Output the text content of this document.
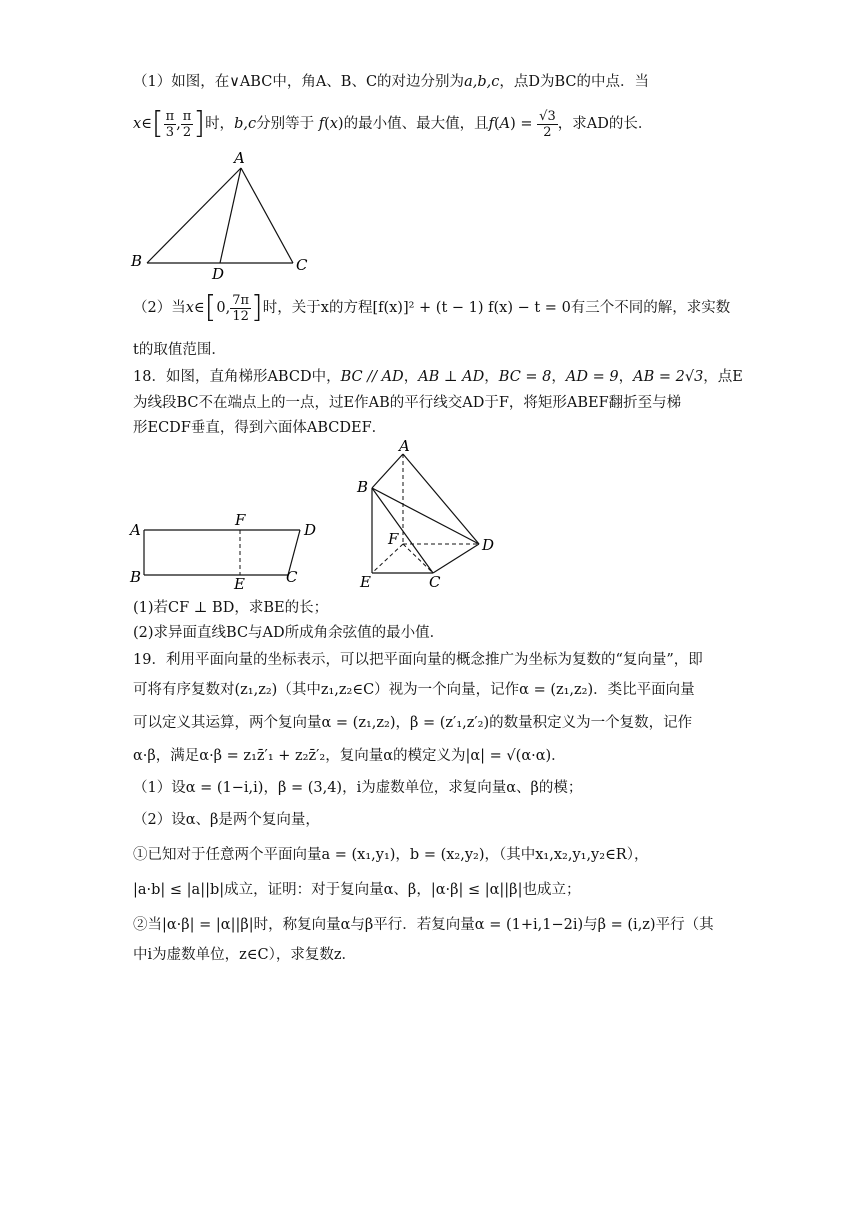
（1）如图，在∨ABC中，角A、B、C的对边分别为a,b,c，点D为BC的中点．当
x∈[ $\frac{\pi}{3}$ , $\frac{\pi}{2}$ ]时，b,c分别等于 f(x)的最小值、最大值，且$f(A) = \frac{√3}{2}$ ，求AD的长．
A
B	C
D
（2）当x∈[0, $\frac{7\pi}{12}$ ]时，关于x的方程[f(x)]² + (t − 1) f(x) − t = 0有三个不同的解，求实数
t的取值范围．
18．如图，直角梯形ABCD中，BC // AD，AB ⊥ AD，BC = 8，AD = 9，AB = 2√3，点E
为线段BC不在端点上的一点，过E作AB的平行线交AD于F，将矩形ABEF翻折至与梯
形ECDF垂直，得到六面体ABCDEF．
A
F
D
B	E	C
A
B
F	D
E	C
(1)若CF ⊥ BD，求BE的长；
(2)求异面直线BC与AD所成角余弦值的最小值．
19．利用平面向量的坐标表示，可以把平面向量的概念推广为坐标为复数的“复向量”，即
可将有序复数对(z₁,z₂)（其中z₁,z₂∈C）视为一个向量，记作α = (z₁,z₂)．类比平面向量
可以定义其运算，两个复向量α = (z₁,z₂)，β = (z′₁,z′₂)的数量积定义为一个复数，记作
α·β，满足α·β = z₁z̄′₁ + z₂z̄′₂，复向量α的模定义为|α| = √(α·α)．
（1）设α = (1−i,i)，β = (3,4)，i为虚数单位，求复向量α、β的模；
（2）设α、β是两个复向量，
①已知对于任意两个平面向量a = (x₁,y₁)，b = (x₂,y₂)，（其中x₁,x₂,y₁,y₂∈R），
|a·b| ≤ |a||b|成立，证明：对于复向量α、β，|α·β| ≤ |α||β|也成立；
②当|α·β| = |α||β|时，称复向量α与β平行．若复向量α = (1+i,1−2i)与β = (i,z)平行（其
中i为虚数单位，z∈C），求复数z．
